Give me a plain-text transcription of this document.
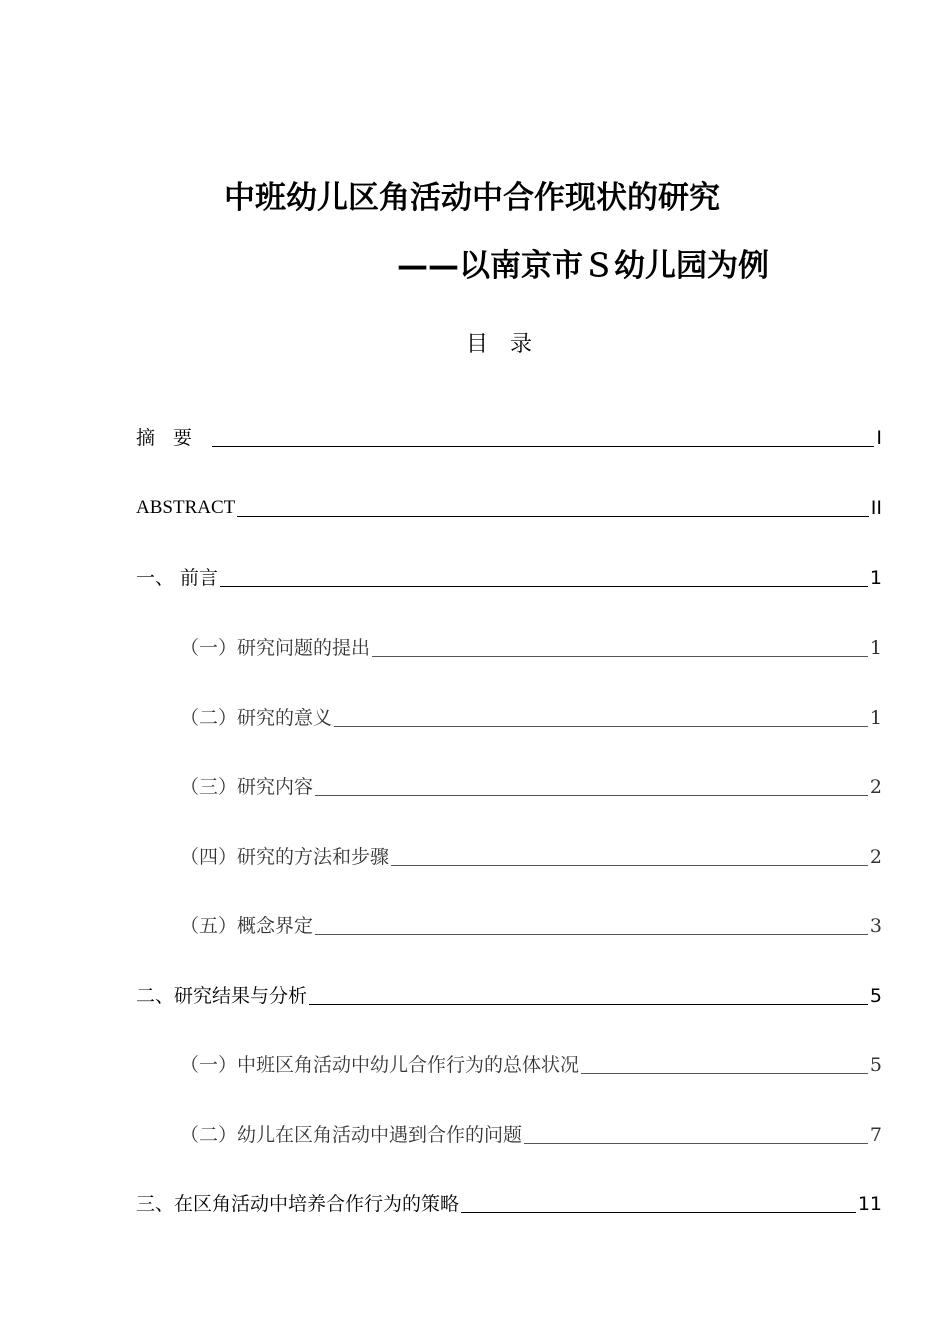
中班幼儿区角活动中合作现状的研究
——以南京市Ｓ幼儿园为例
目录
摘要	I
ABSTRACT	II
一、 前言	1
（一）研究问题的提出	1
（二）研究的意义	1
（三）研究内容	2
（四）研究的方法和步骤	2
（五）概念界定	3
二、研究结果与分析	5
（一）中班区角活动中幼儿合作行为的总体状况	5
（二）幼儿在区角活动中遇到合作的问题	7
三、在区角活动中培养合作行为的策略	11
